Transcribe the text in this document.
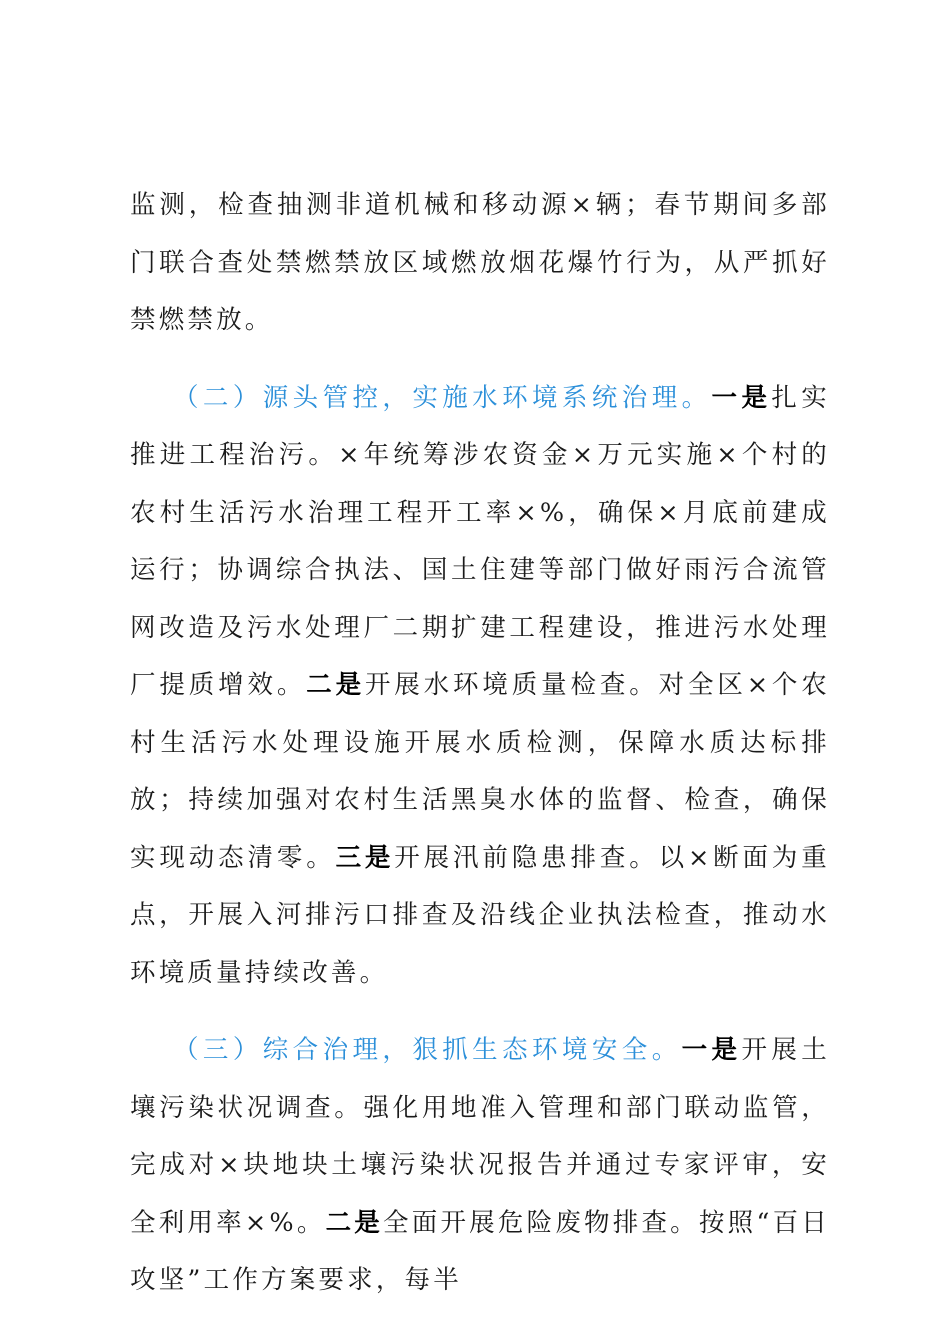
监测，检查抽测非道机械和移动源×辆；春节期间多部门联合查处禁燃禁放区域燃放烟花爆竹行为，从严抓好禁燃禁放。

（二）源头管控，实施水环境系统治理。一是扎实推进工程治污。×年统筹涉农资金×万元实施×个村的农村生活污水治理工程开工率×%，确保×月底前建成运行；协调综合执法、国土住建等部门做好雨污合流管网改造及污水处理厂二期扩建工程建设，推进污水处理厂提质增效。二是开展水环境质量检查。对全区×个农村生活污水处理设施开展水质检测，保障水质达标排放；持续加强对农村生活黑臭水体的监督、检查，确保实现动态清零。三是开展汛前隐患排查。以×断面为重点，开展入河排污口排查及沿线企业执法检查，推动水环境质量持续改善。

（三）综合治理，狠抓生态环境安全。一是开展土壤污染状况调查。强化用地准入管理和部门联动监管，完成对×块地块土壤污染状况报告并通过专家评审，安全利用率×%。二是全面开展危险废物排查。按照“百日攻坚”工作方案要求，每半
